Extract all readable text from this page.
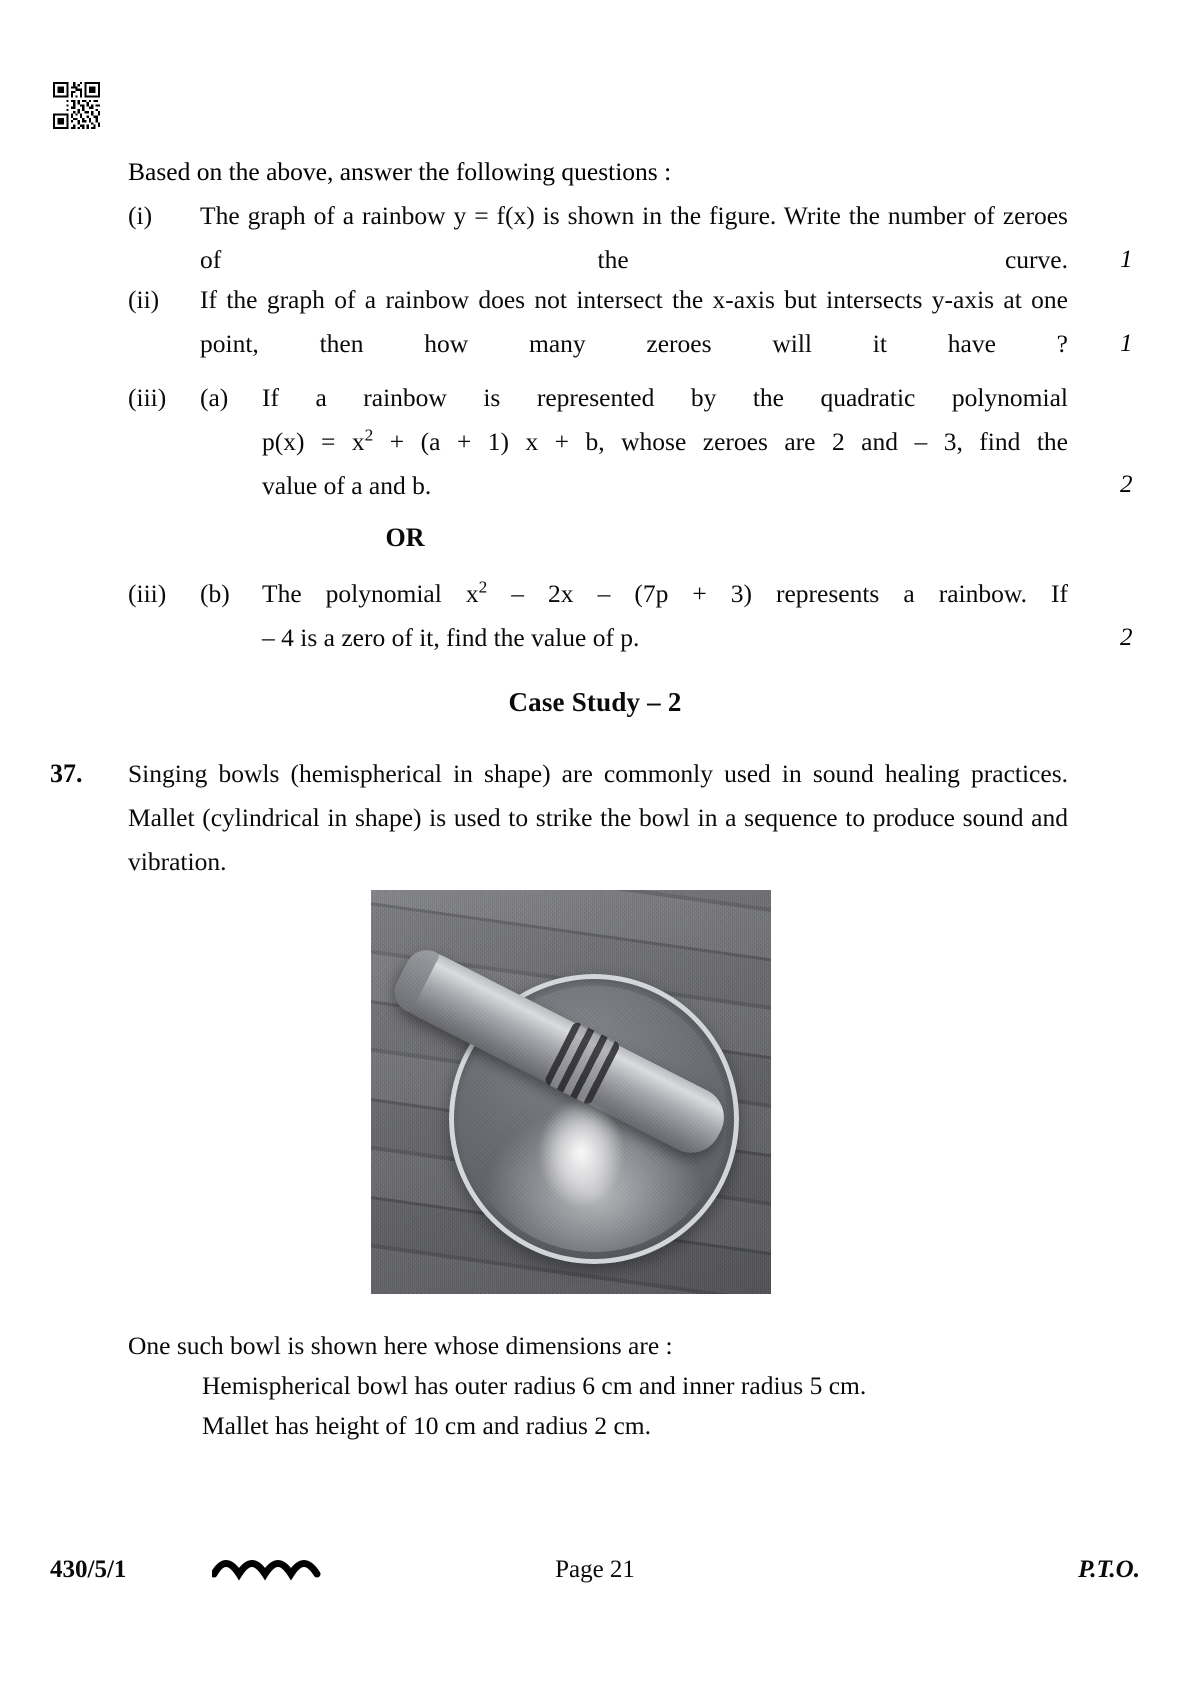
Based on the above, answer the following questions :
(i)	The graph of a rainbow y = f(x) is shown in the figure. Write the number of zeroes of the curve. 1
(ii)	If the graph of a rainbow does not intersect the x-axis but intersects y-axis at one point, then how many zeroes will it have ? 1
(iii)	(a)	If a rainbow is represented by the quadratic polynomial

$p(x) = x^2 + (a + 1) x + b$, whose zeroes are 2 and – 3, find the

value of a and b.	2
OR
(iii)	(b)	The polynomial $x^2 - 2x - (7p + 3)$ represents a rainbow. If

– 4 is a zero of it, find the value of p.	2
Case Study – 2
37. Singing bowls (hemispherical in shape) are commonly used in sound healing practices. Mallet (cylindrical in shape) is used to strike the bowl in a sequence to produce sound and vibration.
One such bowl is shown here whose dimensions are :
Hemispherical bowl has outer radius 6 cm and inner radius 5 cm.
Mallet has height of 10 cm and radius 2 cm.
430/5/1	Page 21	P.T.O.
